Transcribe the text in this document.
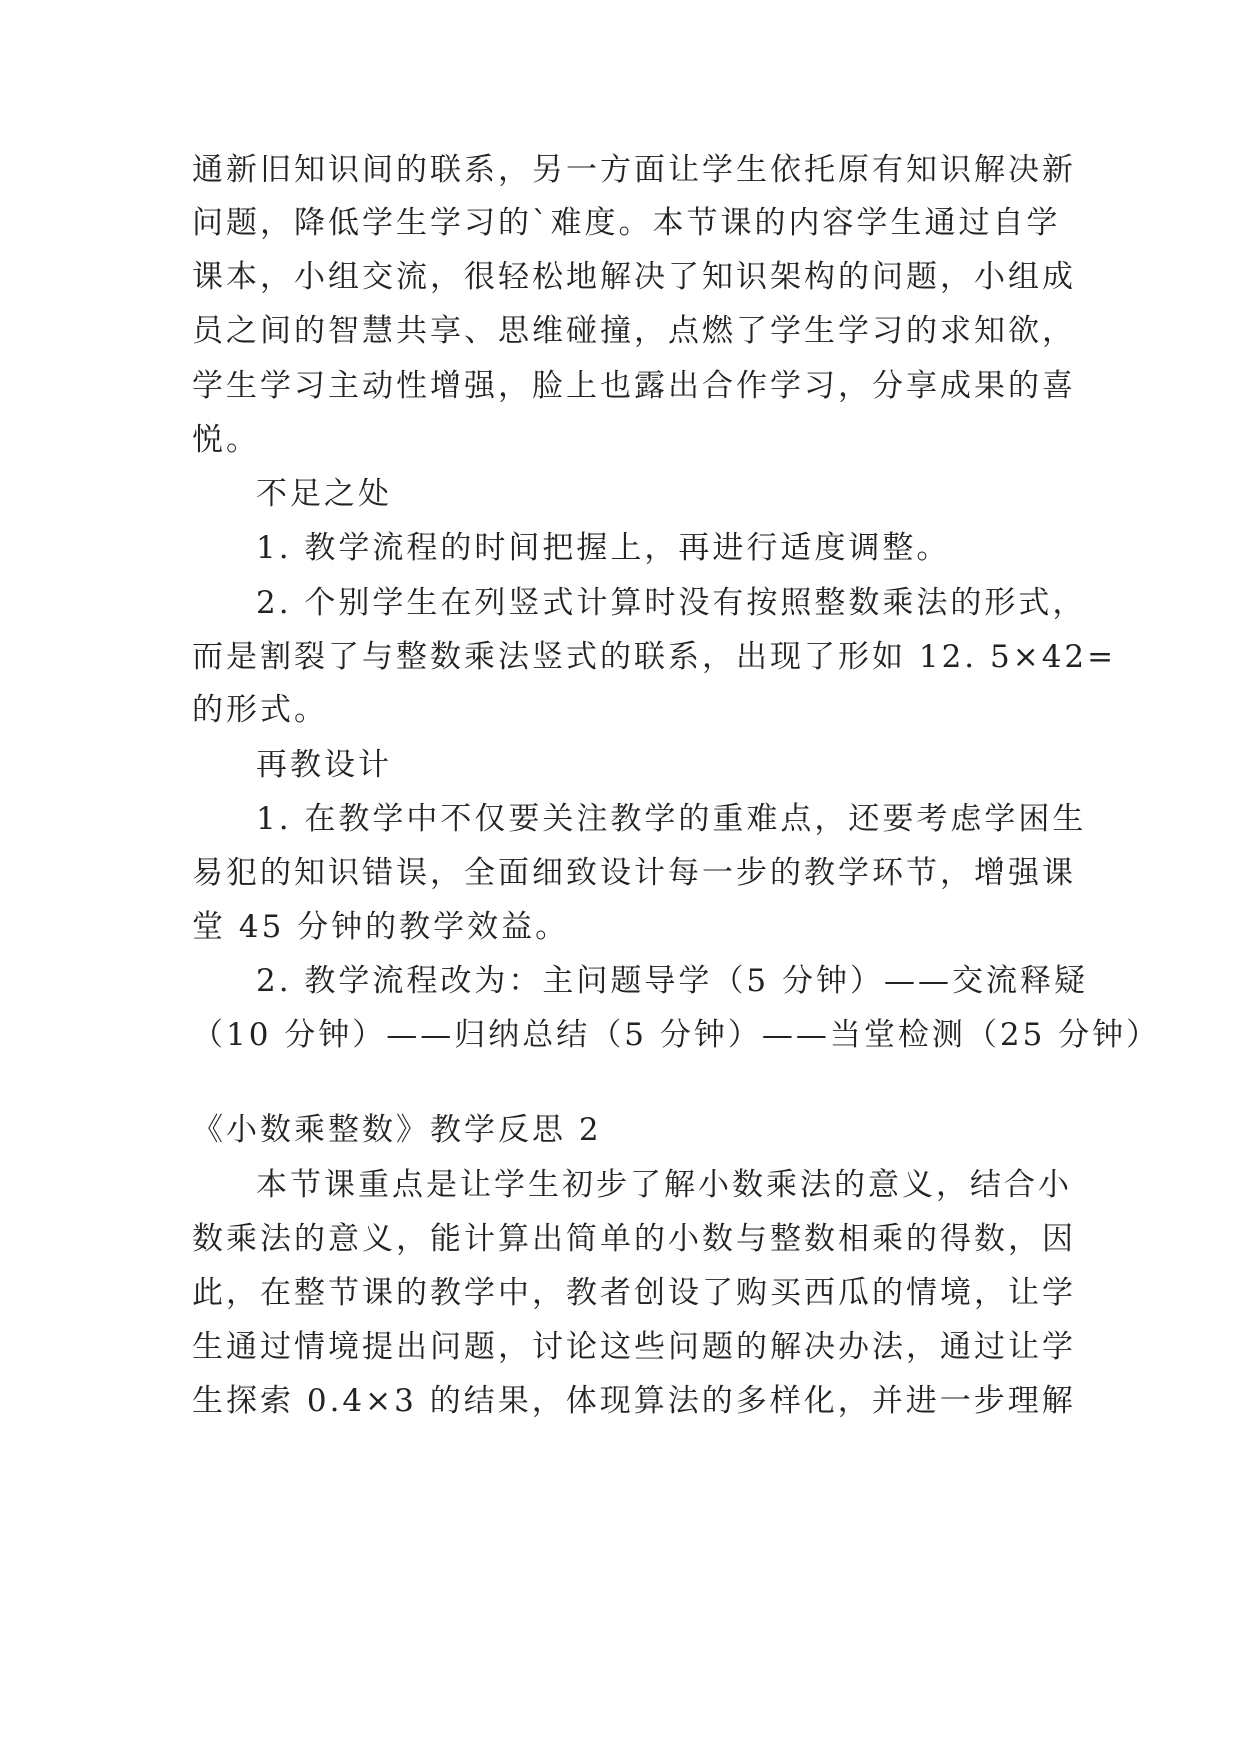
通新旧知识间的联系，另一方面让学生依托原有知识解决新
问题，降低学生学习的`难度。本节课的内容学生通过自学
课本，小组交流，很轻松地解决了知识架构的问题，小组成
员之间的智慧共享、思维碰撞，点燃了学生学习的求知欲，
学生学习主动性增强，脸上也露出合作学习，分享成果的喜
悦。
不足之处
1. 教学流程的时间把握上，再进行适度调整。
2. 个别学生在列竖式计算时没有按照整数乘法的形式，
而是割裂了与整数乘法竖式的联系，出现了形如 12. 5×42=
的形式。
再教设计
1. 在教学中不仅要关注教学的重难点，还要考虑学困生
易犯的知识错误，全面细致设计每一步的教学环节，增强课
堂 45 分钟的教学效益。
2. 教学流程改为：主问题导学（5 分钟）——交流释疑
（10 分钟）——归纳总结（5 分钟）——当堂检测（25 分钟）
《小数乘整数》教学反思 2
本节课重点是让学生初步了解小数乘法的意义，结合小
数乘法的意义，能计算出简单的小数与整数相乘的得数，因
此，在整节课的教学中，教者创设了购买西瓜的情境，让学
生通过情境提出问题，讨论这些问题的解决办法，通过让学
生探索 0.4×3 的结果，体现算法的多样化，并进一步理解
